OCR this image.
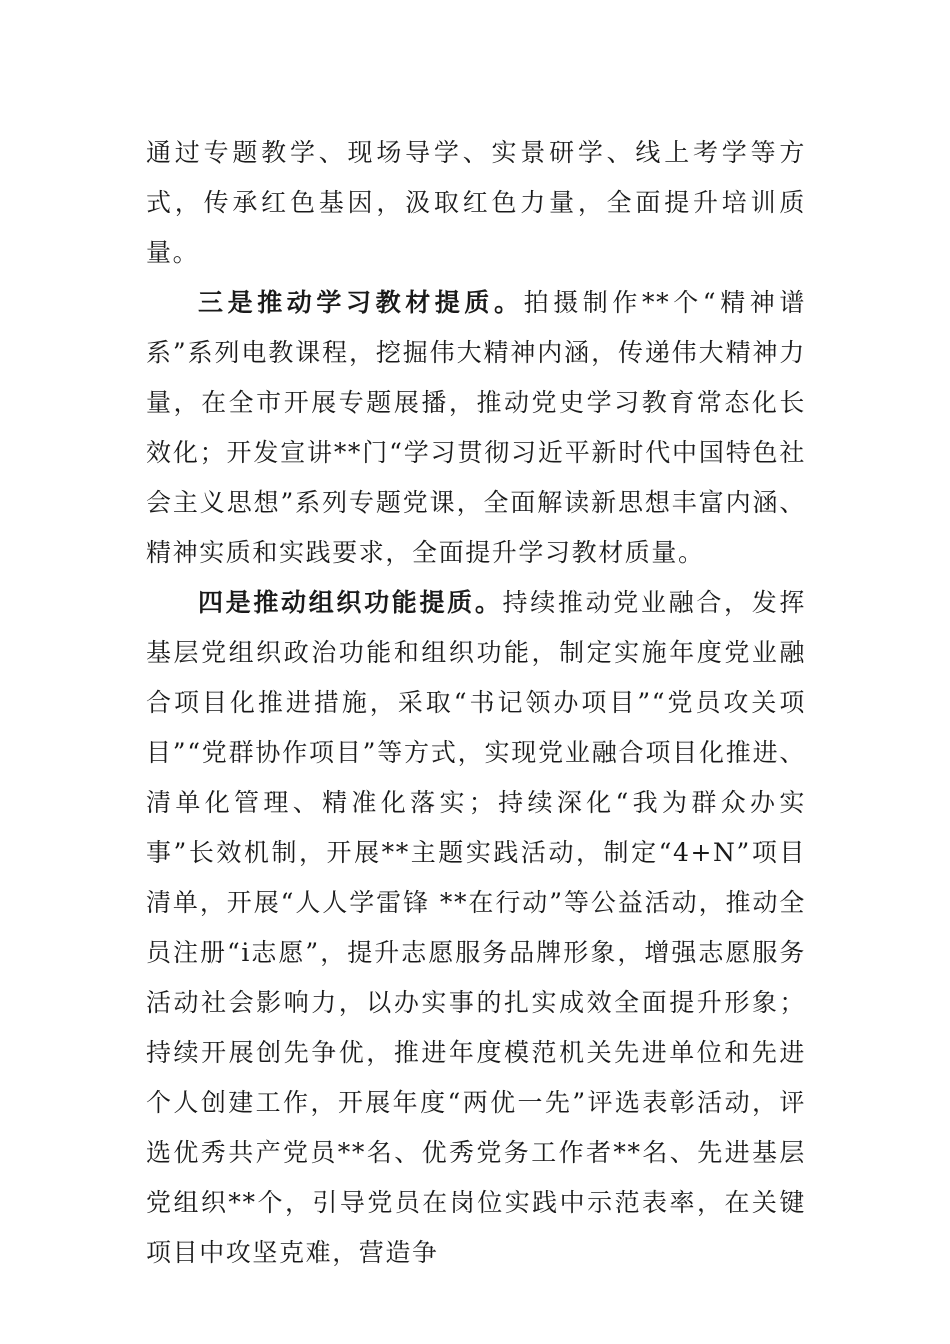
通过专题教学、现场导学、实景研学、线上考学等方式，传承红色基因，汲取红色力量，全面提升培训质量。

三是推动学习教材提质。拍摄制作**个“精神谱系”系列电教课程，挖掘伟大精神内涵，传递伟大精神力量，在全市开展专题展播，推动党史学习教育常态化长效化；开发宣讲**门“学习贯彻习近平新时代中国特色社会主义思想”系列专题党课，全面解读新思想丰富内涵、精神实质和实践要求，全面提升学习教材质量。

四是推动组织功能提质。持续推动党业融合，发挥基层党组织政治功能和组织功能，制定实施年度党业融合项目化推进措施，采取“书记领办项目”“党员攻关项目”“党群协作项目”等方式，实现党业融合项目化推进、清单化管理、精准化落实；持续深化“我为群众办实事”长效机制，开展**主题实践活动，制定“4+N”项目清单，开展“人人学雷锋 **在行动”等公益活动，推动全员注册“i志愿”，提升志愿服务品牌形象，增强志愿服务活动社会影响力，以办实事的扎实成效全面提升形象；持续开展创先争优，推进年度模范机关先进单位和先进个人创建工作，开展年度“两优一先”评选表彰活动，评选优秀共产党员**名、优秀党务工作者**名、先进基层党组织**个，引导党员在岗位实践中示范表率，在关键项目中攻坚克难，营造争
